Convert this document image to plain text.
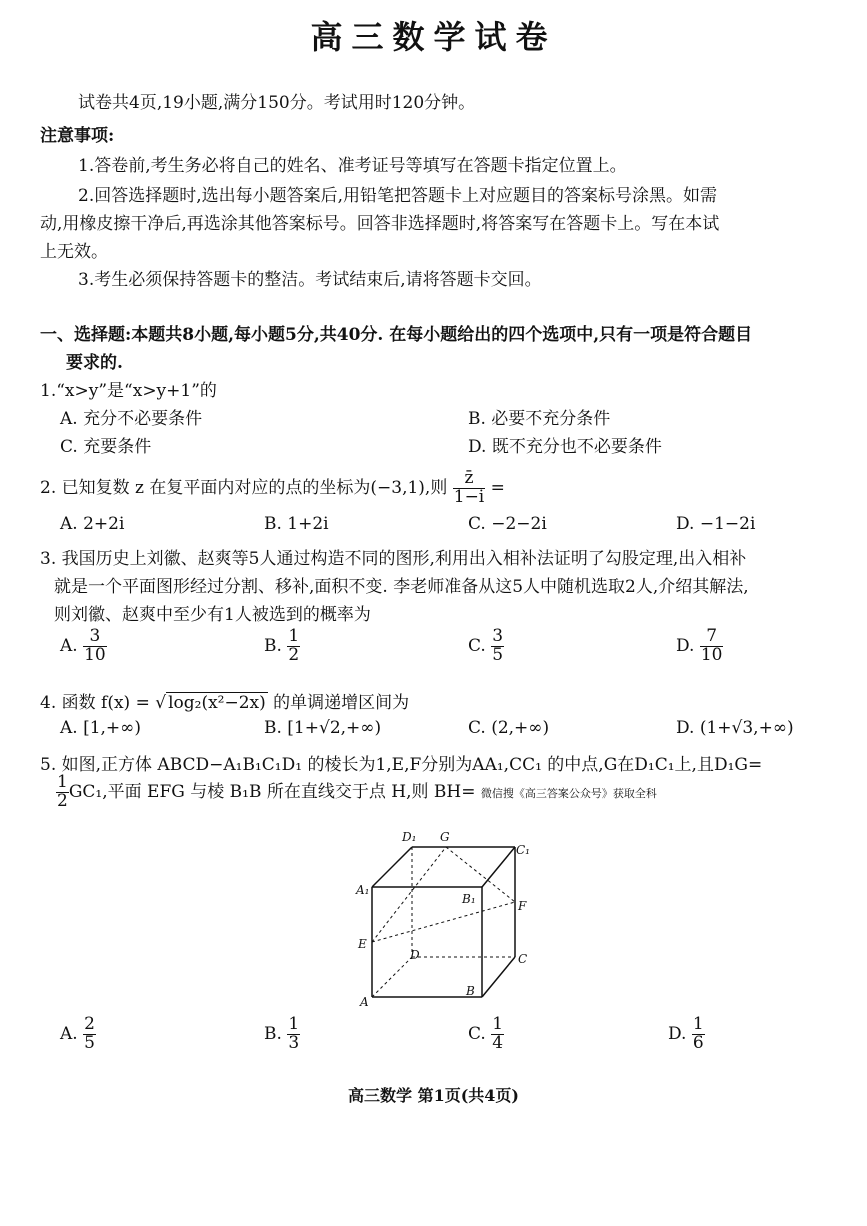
高三数学试卷
试卷共4页,19小题,满分150分。考试用时120分钟。
注意事项:
1.答卷前,考生务必将自己的姓名、准考证号等填写在答题卡指定位置上。
2.回答选择题时,选出每小题答案后,用铅笔把答题卡上对应题目的答案标号涂黑。如需
动,用橡皮擦干净后,再选涂其他答案标号。回答非选择题时,将答案写在答题卡上。写在本试
上无效。
3.考生必须保持答题卡的整洁。考试结束后,请将答题卡交回。
一、选择题:本题共8小题,每小题5分,共40分. 在每小题给出的四个选项中,只有一项是符合题目
要求的.
1.“x>y”是“x>y+1”的
A. 充分不必要条件	B. 必要不充分条件
C. 充要条件	D. 既不充分也不必要条件
2. 已知复数 z 在复平面内对应的点的坐标为(−3,1),则 $\frac{z̄}{1-i}$ =
A. 2+2i	B. 1+2i	C. −2−2i	D. −1−2i
3. 我国历史上刘徽、赵爽等5人通过构造不同的图形,利用出入相补法证明了勾股定理,出入相补
就是一个平面图形经过分割、移补,面积不变. 李老师准备从这5人中随机选取2人,介绍其解法,
则刘徽、赵爽中至少有1人被选到的概率为
A. $\frac{3}{10}$	B. $\frac{1}{2}$	C. $\frac{3}{5}$	D. $\frac{7}{10}$
4. 函数 f(x) = √ log₂(x²−2x) 的单调递增区间为
A. [1,+∞)	B. [1+√2,+∞)	C. (2,+∞)	D. (1+√3,+∞)
5. 如图,正方体 ABCD−A₁B₁C₁D₁ 的棱长为1,E,F分别为AA₁,CC₁ 的中点,G在D₁C₁上,且D₁G=
$\frac{1}{2} GC_1$,平面 EFG 与棱 B₁B 所在直线交于点 H,则 BH= 微信搜《高三答案公众号》获取全科
A
B
C
D
A₁
B₁
C₁
D₁
E
F
G
A. $\frac{2}{5}$	B. $\frac{1}{3}$	C. $\frac{1}{4}$	D. $\frac{1}{6}$
高三数学 第1页(共4页)
